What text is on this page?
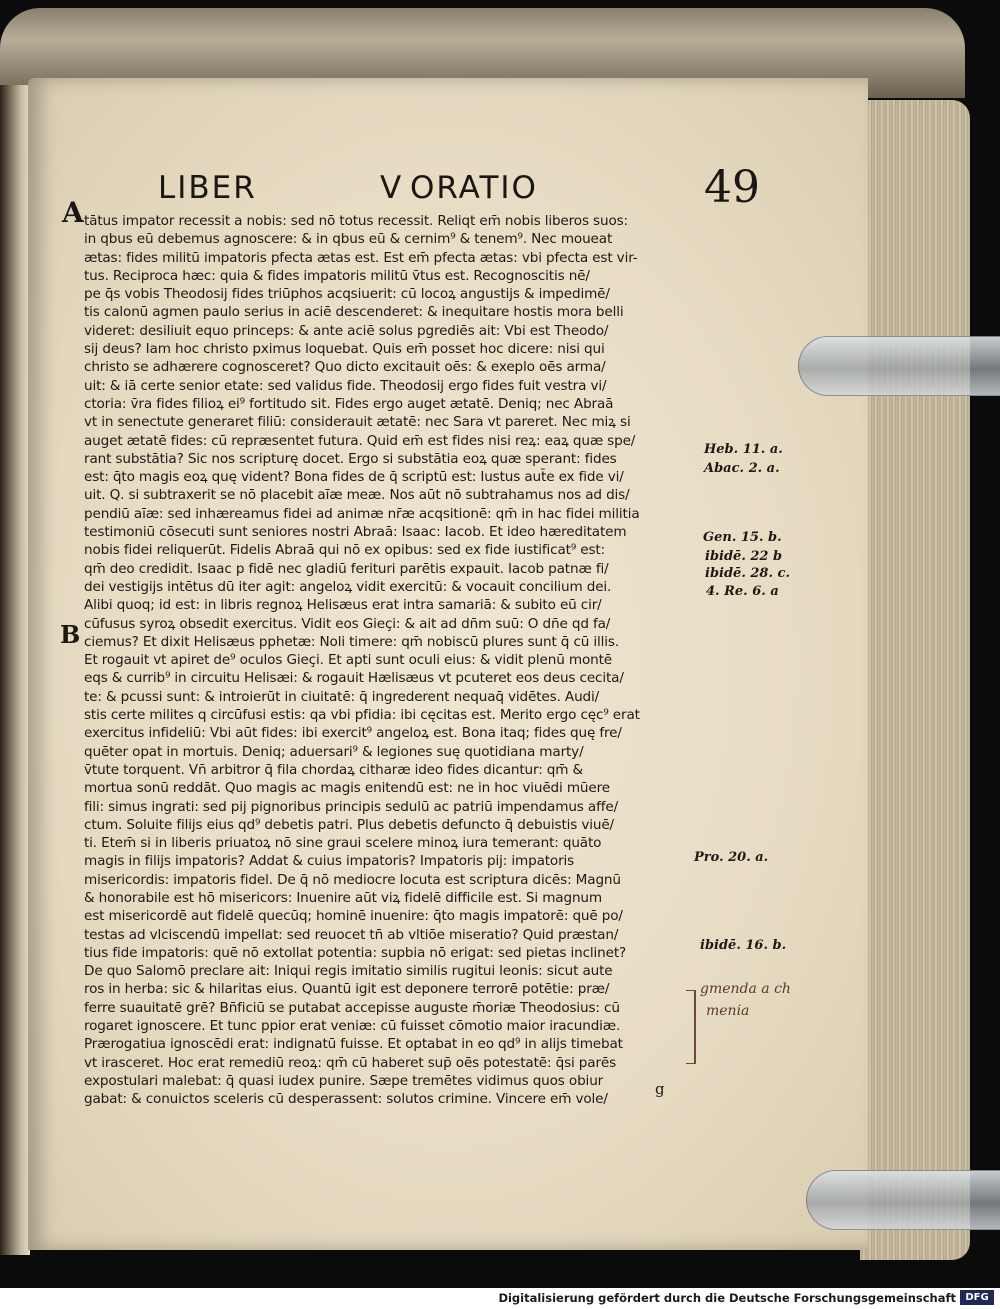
LIBER	V ORATIO	49
A
B
tātus impator recessit a nobis: sed nō totus recessit. Reliqt em̄ nobis liberos suos:
in qbus eū debemus agnoscere: & in qbus eū & cernim⁹ & tenem⁹. Nec moueat
ætas: fides militū impatoris pfecta ætas est. Est em̄ pfecta ætas: vbi pfecta est vir-
tus. Reciproca hæc: quia & fides impatoris militū v̄tus est. Recognoscitis nē/
pe q̄s vobis Theodosij fides triūphos acqsiuerit: cū locoꝝ angustijs & impedimē/
tis calonū agmen paulo serius in aciē descenderet: & inequitare hostis mora belli
videret: desiliuit equo princeps: & ante aciē solus pgrediēs ait: Vbi est Theodo/
sij deus? Iam hoc christo pximus loquebat. Quis em̄ posset hoc dicere: nisi qui
christo se adhærere cognosceret? Quo dicto excitauit oēs: & exeplo oēs arma/
uit: & iā certe senior etate: sed validus fide. Theodosij ergo fides fuit vestra vi/
ctoria: v̄ra fides filioꝝ ei⁹ fortitudo sit. Fides ergo auget ætatē. Deniq; nec Abraā
vt in senectute generaret filiū: considerauit ætatē: nec Sara vt pareret. Nec miꝝ si
auget ætatē fides: cū repræsentet futura. Quid em̄ est fides nisi reꝝ: eaꝝ quæ spe/
rant substātia? Sic nos scripturę docet. Ergo si substātia eoꝝ quæ sperant: fides
est: q̄to magis eoꝝ quę vident? Bona fides de q̄ scriptū est: Iustus aut̄e ex fide vi/
uit. Q. si subtraxerit se nō placebit aīæ meæ. Nos aūt nō subtrahamus nos ad dis/
pendiū aīæ: sed inhæreamus fidei ad animæ nr̄æ acqsitionē: qm̄ in hac fidei militia
testimoniū cōsecuti sunt seniores nostri Abraā: Isaac: Iacob. Et ideo hæreditatem
nobis fidei reliquerūt. Fidelis Abraā qui nō ex opibus: sed ex fide iustificat⁹ est:
qm̄ deo credidit. Isaac p fidē nec gladiū ferituri parētis expauit. Iacob patnæ fi/
dei vestigijs intētus dū iter agit: angeloꝝ vidit exercitū: & vocauit concilium dei.
Alibi quoq; id est: in libris regnoꝝ Helisæus erat intra samariā: & subito eū cir/
cūfusus syroꝝ obsedit exercitus. Vidit eos Gieçi: & ait ad dn̄m suū: O dn̄e qd fa/
ciemus? Et dixit Helisæus pphetæ: Noli timere: qm̄ nobiscū plures sunt q̄ cū illis.
Et rogauit vt apiret de⁹ oculos Gieçi. Et apti sunt oculi eius: & vidit plenū montē
eqs & currib⁹ in circuitu Helisæi: & rogauit Hælisæus vt pcuteret eos deus cecita/
te: & pcussi sunt: & introierūt in ciuitatē: q̄ ingrederent nequaq̄ vidētes. Audi/
stis certe milites q circūfusi estis: qa vbi pfidia: ibi cęcitas est. Merito ergo cęc⁹ erat
exercitus infideliū: Vbi aūt fides: ibi exercit⁹ angeloꝝ est. Bona itaq; fides quę fre/
quēter opat in mortuis. Deniq; aduersari⁹ & legiones suę quotidiana marty/
v̄tute torquent. Vn̄ arbitror q̄ fila chordaꝝ citharæ ideo fides dicantur: qm̄ &
mortua sonū reddāt. Quo magis ac magis enitendū est: ne in hoc viuēdi mūere
fili: simus ingrati: sed pij pignoribus principis sedulū ac patriū impendamus affe/
ctum. Soluite filijs eius qd⁹ debetis patri. Plus debetis defuncto q̄ debuistis viuē/
ti. Etem̄ si in liberis priuatoꝝ nō sine graui scelere minoꝝ iura temerant: quāto
magis in filijs impatoris? Addat & cuius impatoris? Impatoris pij: impatoris
misericordis: impatoris fidel. De q̄ nō mediocre locuta est scriptura dicēs: Magnū
& honorabile est hō misericors: Inuenire aūt viꝝ fidelē difficile est. Si magnum
est misericordē aut fidelē quecūq; hominē inuenire: q̄to magis impatorē: quē po/
testas ad vlciscendū impellat: sed reuocet tn̄ ab vltiōe miseratio? Quid præstan/
tius fide impatoris: quē nō extollat potentia: supbia nō erigat: sed pietas inclinet?
De quo Salomō preclare ait: Iniqui regis imitatio similis rugitui leonis: sicut aute
ros in herba: sic & hilaritas eius. Quantū igit est deponere terrorē potētie: præ/
ferre suauitatē grē? Bn̄ficiū se putabat accepisse auguste m̄oriæ Theodosius: cū
rogaret ignoscere. Et tunc ppior erat veniæ: cū fuisset cōmotio maior iracundiæ.
Prærogatiua ignoscēdi erat: indignatū fuisse. Et optabat in eo qd⁹ in alijs timebat
vt irasceret. Hoc erat remediū reoꝝ: qm̄ cū haberet sup̄ oēs potestatē: q̄si parēs
expostulari malebat: q̄ quasi iudex punire. Sæpe tremētes vidimus quos obiur
gabat: & conuictos sceleris cū desperassent: solutos crimine. Vincere em̄ vole/
g
Heb. 11. a.
Abac. 2. a.
Gen. 15. b.
ibidē. 22 b
ibidē. 28. c.
4. Re. 6. a
Pro. 20. a.
ibidē. 16. b.
gmenda a ch
menia
Digitalisierung gefördert durch die Deutsche Forschungsgemeinschaft DFG
